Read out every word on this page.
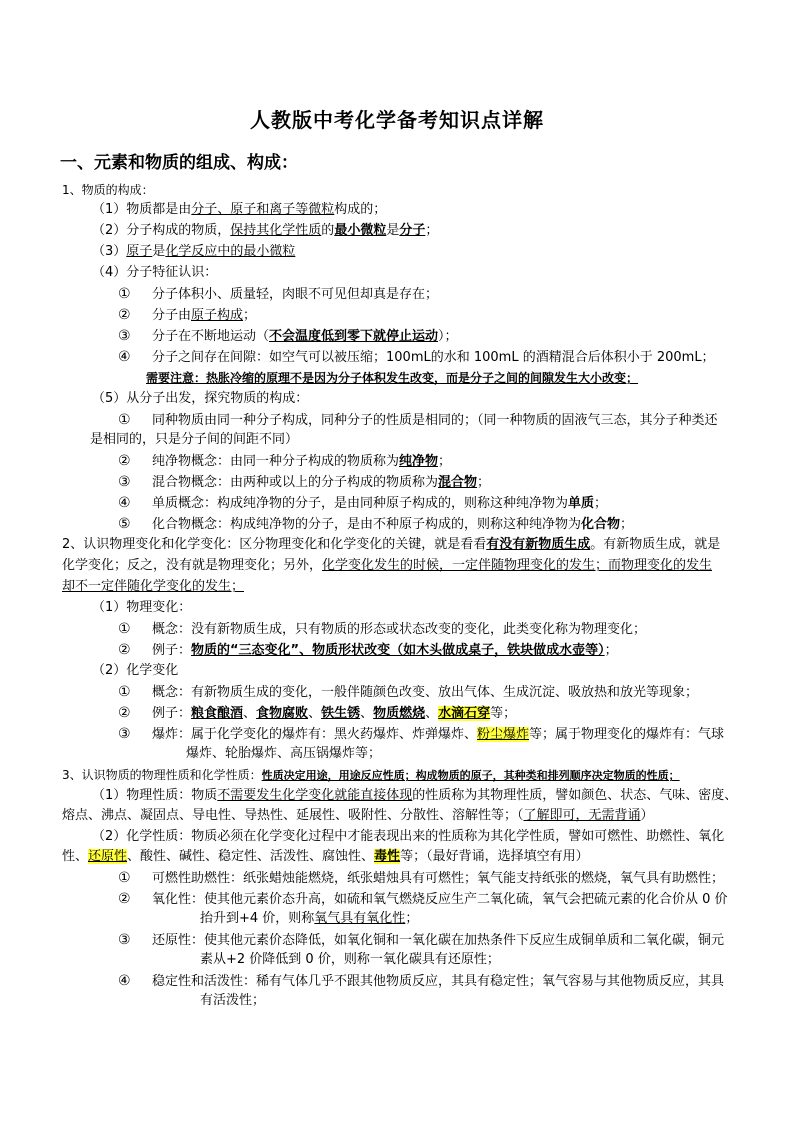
人教版中考化学备考知识点详解
一、元素和物质的组成、构成：
1、物质的构成：
（1）物质都是由分子、原子和离子等微粒构成的；
（2）分子构成的物质，保持其化学性质的最小微粒是分子；
（3）原子是化学反应中的最小微粒
（4）分子特征认识：
① 分子体积小、质量轻，肉眼不可见但却真是存在；
② 分子由原子构成；
③ 分子在不断地运动（不会温度低到零下就停止运动）；
④ 分子之间存在间隙：如空气可以被压缩；100mL的水和 100mL 的酒精混合后体积小于 200mL；
需要注意：热胀冷缩的原理不是因为分子体积发生改变，而是分子之间的间隙发生大小改变；
（5）从分子出发，探究物质的构成：
① 同种物质由同一种分子构成，同种分子的性质是相同的；（同一种物质的固液气三态，其分子种类还
是相同的，只是分子间的间距不同）
② 纯净物概念：由同一种分子构成的物质称为纯净物；
③ 混合物概念：由两种或以上的分子构成的物质称为混合物；
④ 单质概念：构成纯净物的分子，是由同种原子构成的，则称这种纯净物为单质；
⑤ 化合物概念：构成纯净物的分子，是由不种原子构成的，则称这种纯净物为化合物；
2、认识物理变化和化学变化：区分物理变化和化学变化的关键，就是看看有没有新物质生成。有新物质生成，就是
化学变化；反之，没有就是物理变化；另外，化学变化发生的时候，一定伴随物理变化的发生；而物理变化的发生
却不一定伴随化学变化的发生；
（1）物理变化：
① 概念：没有新物质生成，只有物质的形态或状态改变的变化，此类变化称为物理变化；
② 例子：物质的“三态变化”、物质形状改变（如木头做成桌子，铁块做成水壶等）；
（2）化学变化
① 概念：有新物质生成的变化，一般伴随颜色改变、放出气体、生成沉淀、吸放热和放光等现象；
② 例子：粮食酿酒、食物腐败、铁生锈、物质燃烧、水滴石穿等；
③ 爆炸：属于化学变化的爆炸有：黑火药爆炸、炸弹爆炸、粉尘爆炸等；属于物理变化的爆炸有：气球
爆炸、轮胎爆炸、高压锅爆炸等；
3、认识物质的物理性质和化学性质：性质决定用途，用途反应性质；构成物质的原子，其种类和排列顺序决定物质的性质；
（1）物理性质：物质不需要发生化学变化就能直接体现的性质称为其物理性质，譬如颜色、状态、气味、密度、
熔点、沸点、凝固点、导电性、导热性、延展性、吸附性、分散性、溶解性等；（了解即可，无需背诵）
（2）化学性质：物质必须在化学变化过程中才能表现出来的性质称为其化学性质，譬如可燃性、助燃性、氧化
性、还原性、酸性、碱性、稳定性、活泼性、腐蚀性、毒性等；（最好背诵，选择填空有用）
① 可燃性助燃性：纸张蜡烛能燃烧，纸张蜡烛具有可燃性；氧气能支持纸张的燃烧，氧气具有助燃性；
② 氧化性：使其他元素价态升高，如硫和氧气燃烧反应生产二氧化硫，氧气会把硫元素的化合价从 0 价
抬升到+4 价，则称氧气具有氧化性；
③ 还原性：使其他元素价态降低，如氧化铜和一氧化碳在加热条件下反应生成铜单质和二氧化碳，铜元
素从+2 价降低到 0 价，则称一氧化碳具有还原性；
④ 稳定性和活泼性：稀有气体几乎不跟其他物质反应，其具有稳定性；氧气容易与其他物质反应，其具
有活泼性；
